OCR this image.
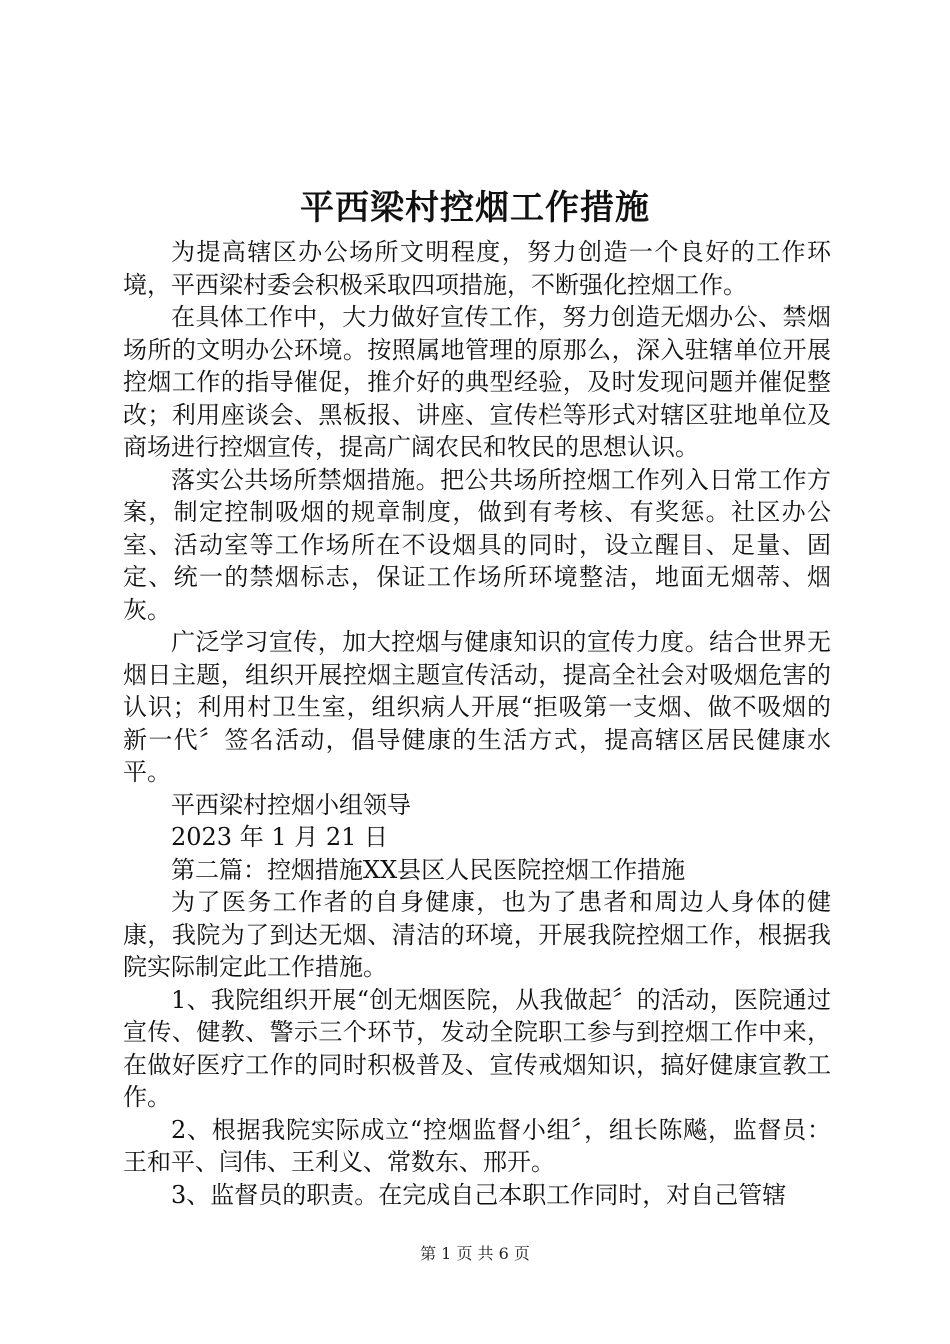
平西梁村控烟工作措施

为提高辖区办公场所文明程度，努力创造一个良好的工作环境，平西梁村委会积极采取四项措施，不断强化控烟工作。

在具体工作中，大力做好宣传工作，努力创造无烟办公、禁烟场所的文明办公环境。按照属地管理的原那么，深入驻辖单位开展控烟工作的指导催促，推介好的典型经验，及时发现问题并催促整改；利用座谈会、黑板报、讲座、宣传栏等形式对辖区驻地单位及商场进行控烟宣传，提高广阔农民和牧民的思想认识。

落实公共场所禁烟措施。把公共场所控烟工作列入日常工作方案，制定控制吸烟的规章制度，做到有考核、有奖惩。社区办公室、活动室等工作场所在不设烟具的同时，设立醒目、足量、固定、统一的禁烟标志，保证工作场所环境整洁，地面无烟蒂、烟灰。

广泛学习宣传，加大控烟与健康知识的宣传力度。结合世界无烟日主题，组织开展控烟主题宣传活动，提高全社会对吸烟危害的认识；利用村卫生室，组织病人开展“拒吸第一支烟、做不吸烟的新一代〞签名活动，倡导健康的生活方式，提高辖区居民健康水平。

平西梁村控烟小组领导

2023 年 1 月 21 日

第二篇：控烟措施XX县区人民医院控烟工作措施

为了医务工作者的自身健康，也为了患者和周边人身体的健康，我院为了到达无烟、清洁的环境，开展我院控烟工作，根据我院实际制定此工作措施。

1、我院组织开展“创无烟医院，从我做起〞的活动，医院通过宣传、健教、警示三个环节，发动全院职工参与到控烟工作中来，在做好医疗工作的同时积极普及、宣传戒烟知识，搞好健康宣教工作。

2、根据我院实际成立“控烟监督小组〞，组长陈飚，监督员：王和平、闫伟、王利义、常数东、邢开。

3、监督员的职责。在完成自己本职工作同时，对自己管辖

第 1 页 共 6 页
